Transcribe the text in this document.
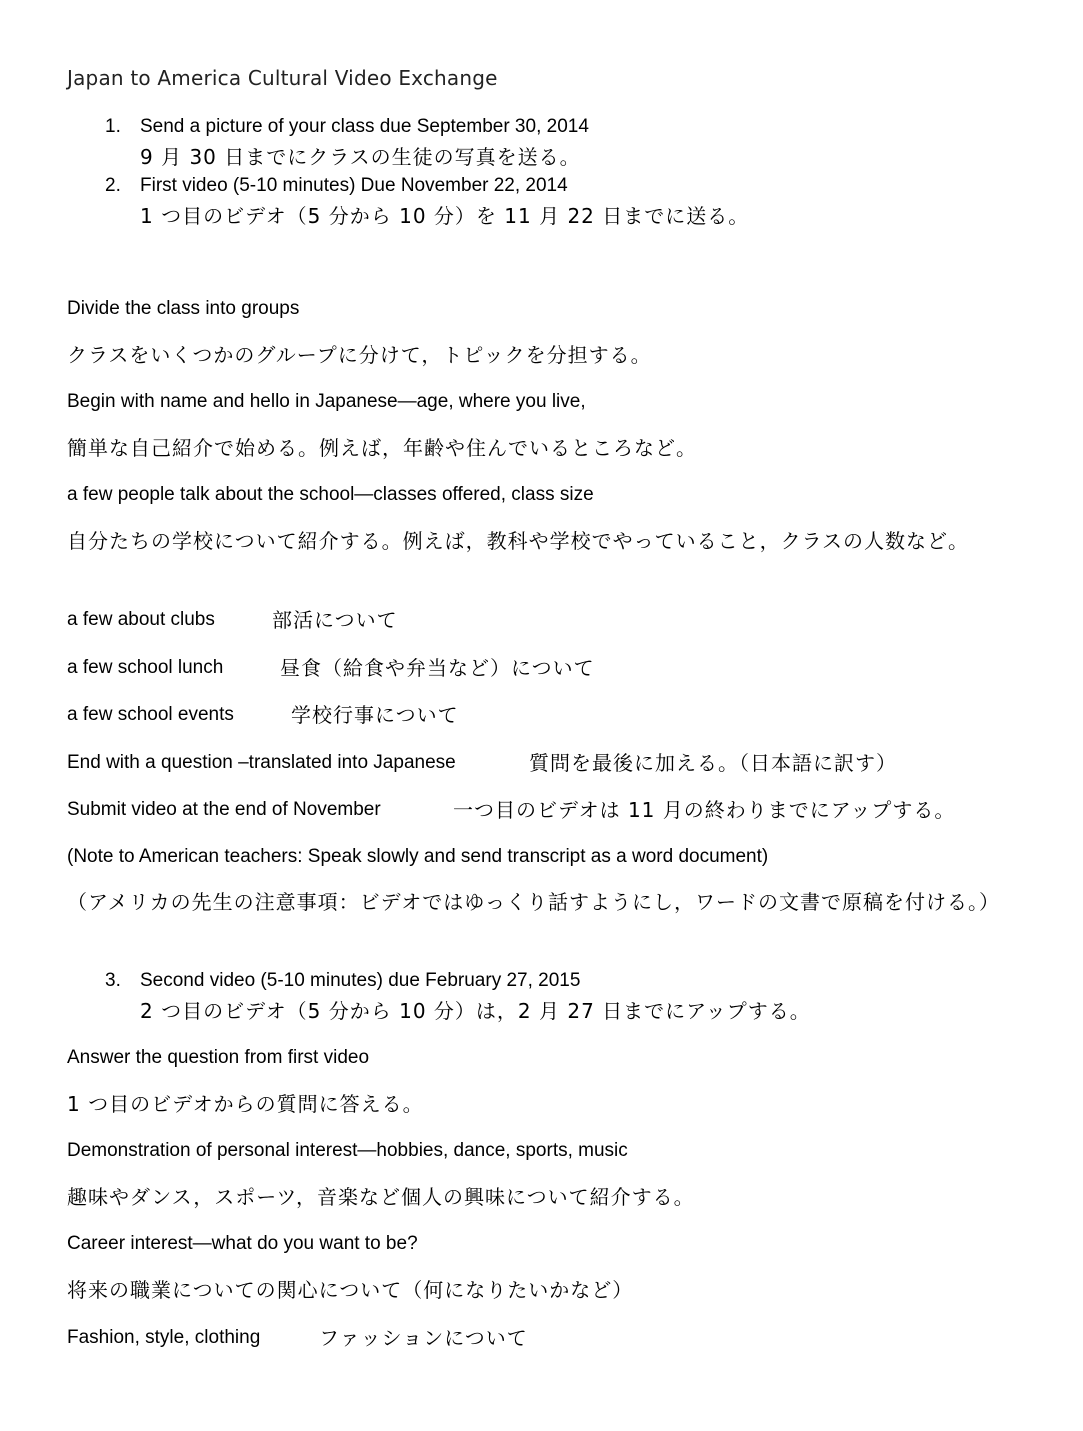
Japan to America Cultural Video Exchange
1. Send a picture of your class due September 30, 2014
9 月 30 日までにクラスの生徒の写真を送る。
2. First video (5-10 minutes) Due November 22, 2014
1 つ目のビデオ（5 分から 10 分）を 11 月 22 日までに送る。
Divide the class into groups
クラスをいくつかのグループに分けて，トピックを分担する。
Begin with name and hello in Japanese—age, where you live,
簡単な自己紹介で始める。例えば，年齢や住んでいるところなど。
a few people talk about the school—classes offered, class size
自分たちの学校について紹介する。例えば，教科や学校でやっていること，クラスの人数など。
a few about clubs	部活について
a few school lunch	昼食（給食や弁当など）について
a few school events	学校行事について
End with a question –translated into Japanese	質問を最後に加える。（日本語に訳す）
Submit video at the end of November	一つ目のビデオは 11 月の終わりまでにアップする。
(Note to American teachers: Speak slowly and send transcript as a word document)
（アメリカの先生の注意事項：ビデオではゆっくり話すようにし，ワードの文書で原稿を付ける。）
3. Second video (5-10 minutes) due February 27, 2015
2 つ目のビデオ（5 分から 10 分）は，2 月 27 日までにアップする。
Answer the question from first video
1 つ目のビデオからの質問に答える。
Demonstration of personal interest—hobbies, dance, sports, music
趣味やダンス，スポーツ，音楽など個人の興味について紹介する。
Career interest—what do you want to be?
将来の職業についての関心について（何になりたいかなど）
Fashion, style, clothing	ファッションについて
